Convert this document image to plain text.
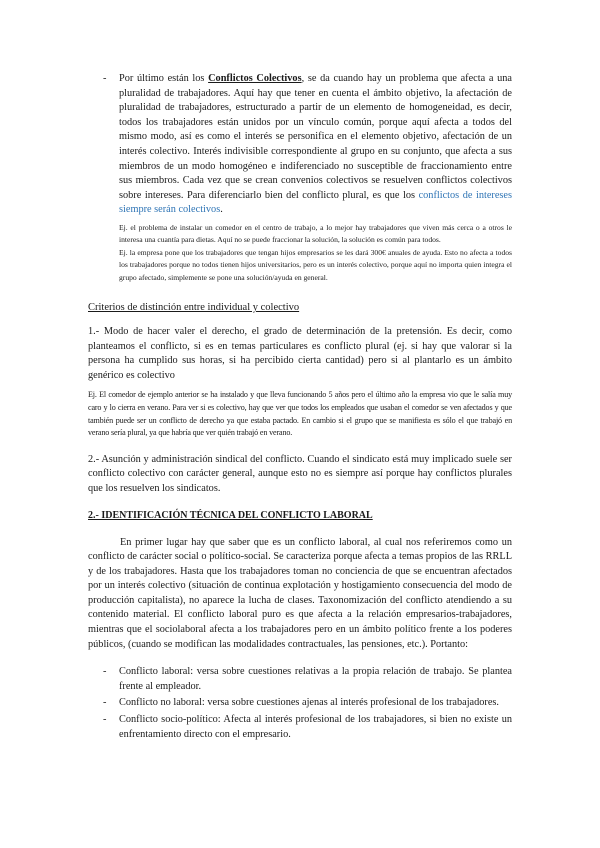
- Por último están los Conflictos Colectivos, se da cuando hay un problema que afecta a una pluralidad de trabajadores. Aquí hay que tener en cuenta el ámbito objetivo, la afectación de pluralidad de trabajadores, estructurado a partir de un elemento de homogeneidad, es decir, todos los trabajadores están unidos por un vínculo común, porque aquí afecta a todos del mismo modo, así es como el interés se personifica en el elemento objetivo, afectación de un interés colectivo. Interés indivisible correspondiente al grupo en su conjunto, que afecta a sus miembros de un modo homogéneo e indiferenciado no susceptible de fraccionamiento entre sus miembros. Cada vez que se crean convenios colectivos se resuelven conflictos colectivos sobre intereses. Para diferenciarlo bien del conflicto plural, es que los conflictos de intereses siempre serán colectivos.

Ej. el problema de instalar un comedor en el centro de trabajo, a lo mejor hay trabajadores que viven más cerca o a otros le interesa una cuantía para dietas. Aquí no se puede fraccionar la solución, la solución es común para todos.

Ej. la empresa pone que los trabajadores que tengan hijos empresarios se les dará 300€ anuales de ayuda. Esto no afecta a todos los trabajadores porque no todos tienen hijos universitarios, pero es un interés colectivo, porque aquí no importa quien integra el grupo afectado, simplemente se pone una solución/ayuda en general.

Criterios de distinción entre individual y colectivo

1.- Modo de hacer valer el derecho, el grado de determinación de la pretensión. Es decir, como planteamos el conflicto, si es en temas particulares es conflicto plural (ej. si hay que valorar si la persona ha cumplido sus horas, si ha percibido cierta cantidad) pero si al plantarlo es un ámbito genérico es colectivo

Ej. El comedor de ejemplo anterior se ha instalado y que lleva funcionando 5 años pero el último año la empresa vio que le salía muy caro y lo cierra en verano. Para ver si es colectivo, hay que ver que todos los empleados que usaban el comedor se ven afectados y que también puede ser un conflicto de derecho ya que estaba pactado. En cambio si el grupo que se manifiesta es sólo el que trabajó en verano sería plural, ya que habría que ver quién trabajó en verano.

2.- Asunción y administración sindical del conflicto. Cuando el sindicato está muy implicado suele ser conflicto colectivo con carácter general, aunque esto no es siempre así porque hay conflictos plurales que los resuelven los sindicatos.

2.- IDENTIFICACIÓN TÉCNICA DEL CONFLICTO LABORAL

En primer lugar hay que saber que es un conflicto laboral, al cual nos referiremos como un conflicto de carácter social o político-social. Se caracteriza porque afecta a temas propios de las RRLL y de los trabajadores. Hasta que los trabajadores toman no conciencia de que se encuentran afectados por un interés colectivo (situación de continua explotación y hostigamiento consecuencia del modo de producción capitalista), no aparece la lucha de clases. Taxonomización del conflicto atendiendo a su contenido material. El conflicto laboral puro es que afecta a la relación empresarios-trabajadores, mientras que el sociolaboral afecta a los trabajadores pero en un ámbito político frente a los poderes públicos, (cuando se modifican las modalidades contractuales, las pensiones, etc.). Portanto:

- Conflicto laboral: versa sobre cuestiones relativas a la propia relación de trabajo. Se plantea frente al empleador.

- Conflicto no laboral: versa sobre cuestiones ajenas al interés profesional de los trabajadores.

- Conflicto socio-político: Afecta al interés profesional de los trabajadores, si bien no existe un enfrentamiento directo con el empresario.
